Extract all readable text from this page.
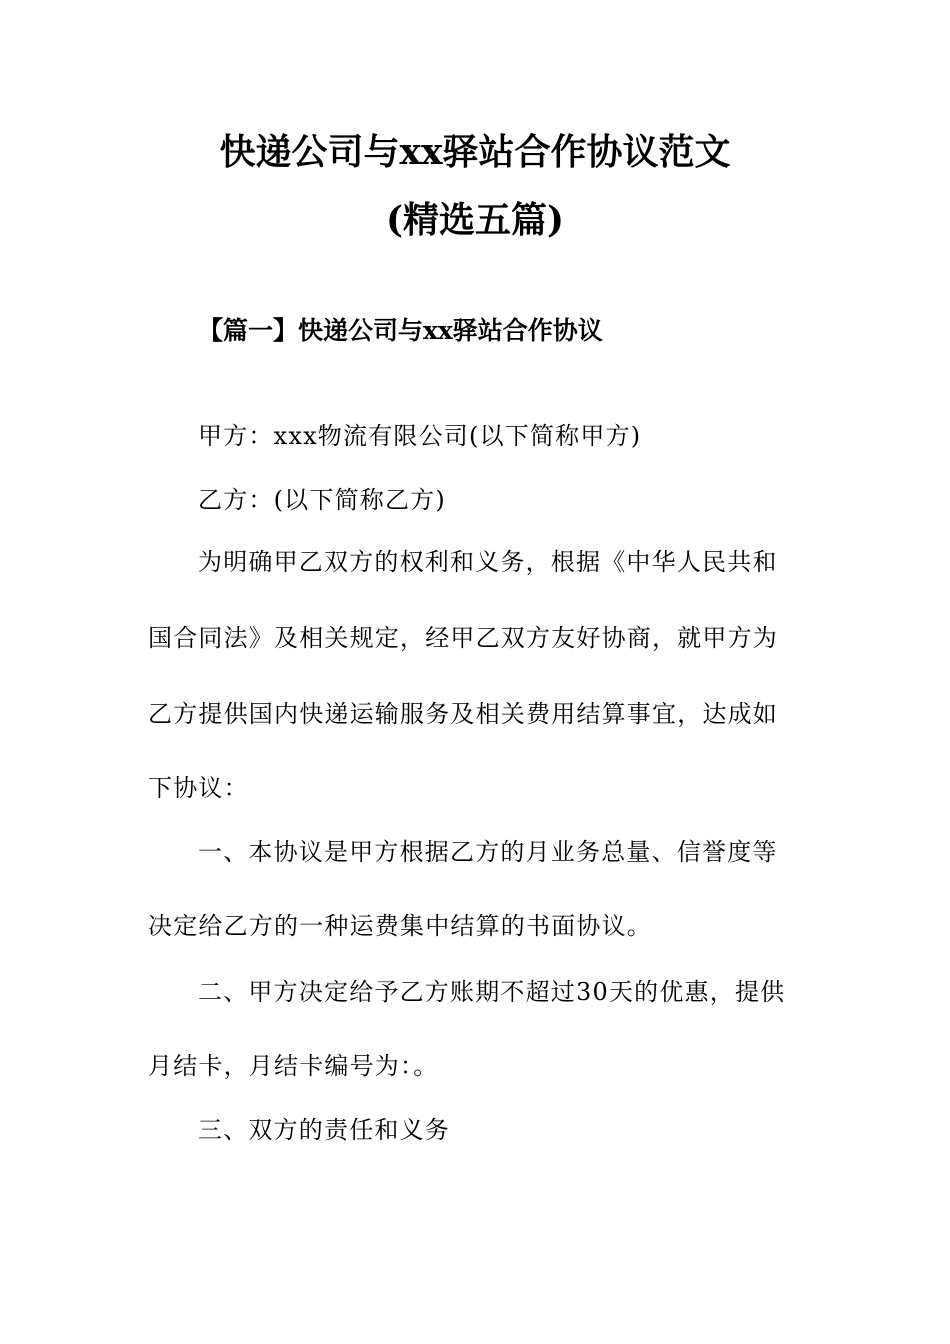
快递公司与xx驿站合作协议范文
(精选五篇)
【篇一】快递公司与xx驿站合作协议
甲方：xxx物流有限公司(以下简称甲方)
乙方：(以下简称乙方)
为明确甲乙双方的权利和义务，根据《中华人民共和
国合同法》及相关规定，经甲乙双方友好协商，就甲方为
乙方提供国内快递运输服务及相关费用结算事宜，达成如
下协议：
一、本协议是甲方根据乙方的月业务总量、信誉度等
决定给乙方的一种运费集中结算的书面协议。
二、甲方决定给予乙方账期不超过30天的优惠，提供
月结卡，月结卡编号为：。
三、双方的责任和义务
